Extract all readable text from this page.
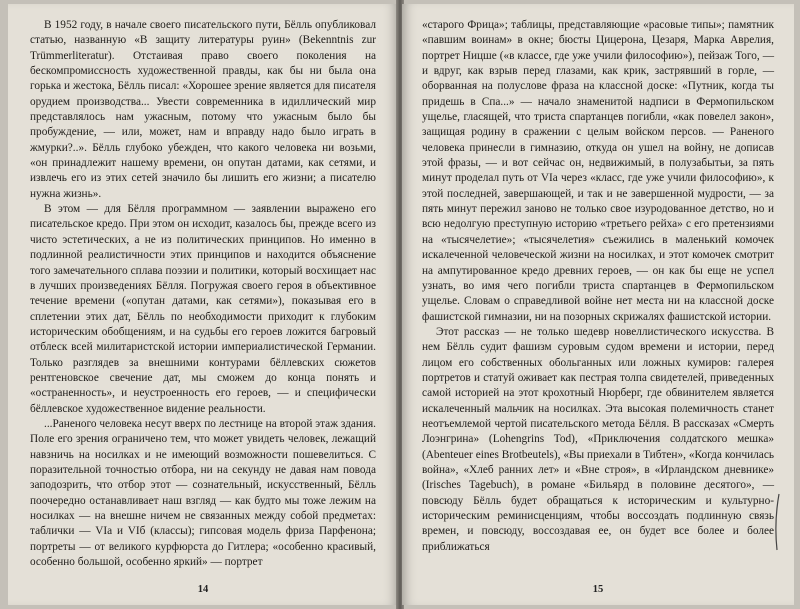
В 1952 году, в начале своего писательского пути, Бёлль опубликовал статью, названную «В защиту литературы руин» (Bekenntnis zur Trümmerliteratur). Отстаивая право своего поколения на бескомпромиссность художественной правды, как бы ни была она горька и жестока, Бёлль писал: «Хорошее зрение является для писателя орудием производства... Увести современника в идиллический мир представлялось нам ужасным, потому что ужасным было бы пробуждение, — или, может, нам и вправду надо было играть в жмурки?..». Бёлль глубоко убежден, что какого человека ни возьми, «он принадлежит нашему времени, он опутан датами, как сетями, и извлечь его из этих сетей значило бы лишить его жизни; а писателю нужна жизнь».

В этом — для Бёлля программном — заявлении выражено его писательское кредо. При этом он исходит, казалось бы, прежде всего из чисто эстетических, а не из политических принципов. Но именно в подлинной реалистичности этих принципов и находится объяснение того замечательного сплава поэзии и политики, который восхищает нас в лучших произведениях Бёлля. Погружая своего героя в объективное течение времени («опутан датами, как сетями»), показывая его в сплетении этих дат, Бёлль по необходимости приходит к глубоким историческим обобщениям, и на судьбы его героев ложится багровый отблеск всей милитаристской истории империалистической Германии. Только разглядев за внешними контурами бёллевских сюжетов рентгеновское свечение дат, мы сможем до конца понять и «остраненность», и неустроенность его героев, — и специфически бёллевское художественное видение реальности.

...Раненого человека несут вверх по лестнице на второй этаж здания. Поле его зрения ограничено тем, что может увидеть человек, лежащий навзничь на носилках и не имеющий возможности пошевелиться. С поразительной точностью отбора, ни на секунду не давая нам повода заподозрить, что отбор этот — сознательный, искусственный, Бёлль поочередно останавливает наш взгляд — как будто мы тоже лежим на носилках — на внешне ничем не связанных между собой предметах: таблички — VIa и VIб (классы); гипсовая модель фриза Парфенона; портреты — от великого курфюрста до Гитлера; «особенно красивый, особенно большой, особенно яркий» — портрет

14

«старого Фрица»; таблицы, представляющие «расовые типы»; памятник «павшим воинам» в окне; бюсты Цицерона, Цезаря, Марка Аврелия, портрет Ницше («в классе, где уже учили философию»), пейзаж Того, — и вдруг, как взрыв перед глазами, как крик, застрявший в горле, — оборванная на полуслове фраза на классной доске: «Путник, когда ты придешь в Спа...» — начало знаменитой надписи в Фермопильском ущелье, гласящей, что триста спартанцев погибли, «как повелел закон», защищая родину в сражении с целым войском персов. — Раненого человека принесли в гимназию, откуда он ушел на войну, не дописав этой фразы, — и вот сейчас он, недвижимый, в полузабытьи, за пять минут проделал путь от VIa через «класс, где уже учили философию», к этой последней, завершающей, и так и не завершенной мудрости, — за пять минут пережил заново не только свое изуродованное детство, но и всю недолгую преступную историю «третьего рейха» с его претензиями на «тысячелетие»; «тысячелетия» съежились в маленький комочек искалеченной человеческой жизни на носилках, и этот комочек смотрит на ампутированное кредо древних героев, — он как бы еще не успел узнать, во имя чего погибли триста спартанцев в Фермопильском ущелье. Словам о справедливой войне нет места ни на классной доске фашистской гимназии, ни на позорных скрижалях фашистской истории.

Этот рассказ — не только шедевр новеллистического искусства. В нем Бёлль судит фашизм суровым судом времени и истории, перед лицом его собственных обольганных или ложных кумиров: галерея портретов и статуй оживает как пестрая толпа свидетелей, приведенных самой историей на этот крохотный Нюрберг, где обвинителем является искалеченный мальчик на носилках. Эта высокая полемичность станет неотъемлемой чертой писательского метода Бёлля. В рассказах «Смерть Лоэнгрина» (Lohengrins Tod), «Приключения солдатского мешка» (Abenteuer eines Brotbeutels), «Вы приехали в Тибтен», «Когда кончилась война», «Хлеб ранних лет» и «Вне строя», в «Ирландском дневнике» (Irisches Tagebuch), в романе «Бильярд в половине десятого», — повсюду Бёлль будет обращаться к историческим и культурно-историческим реминисценциям, чтобы воссоздать подлинную связь времен, и повсюду, воссоздавая ее, он будет все более и более приближаться

15
